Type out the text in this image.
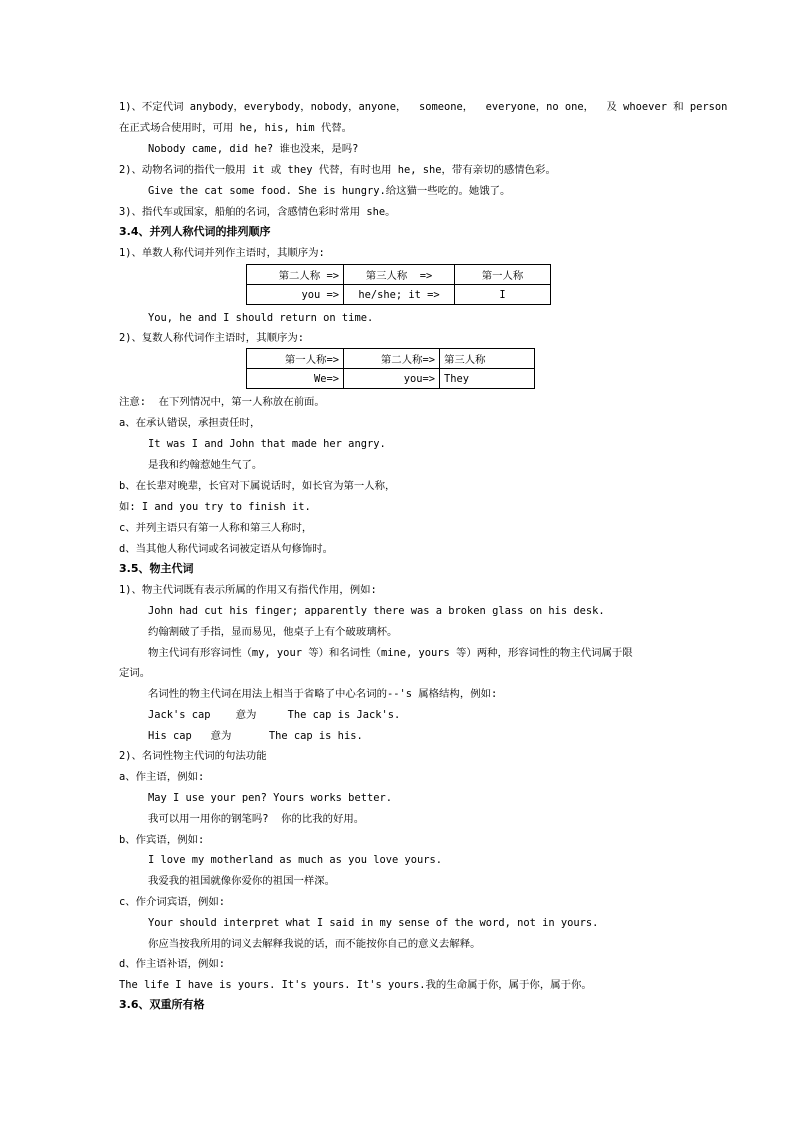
1)、不定代词 anybody，everybody，nobody，anyone，  someone，  everyone，no one，  及 whoever 和 person

在正式场合使用时，可用 he, his, him 代替。

Nobody came, did he? 谁也没来，是吗?

2)、动物名词的指代一般用 it 或 they 代替，有时也用 he, she，带有亲切的感情色彩。

Give the cat some food. She is hungry.给这猫一些吃的。她饿了。

3)、指代车或国家，船舶的名词，含感情色彩时常用 she。

3.4、并列人称代词的排列顺序

1)、单数人称代词并列作主语时，其顺序为:

第二人称 =>	第三人称  =>	第一人称
you =>	he/she; it =>	I

You, he and I should return on time.

2)、复数人称代词作主语时，其顺序为:

第一人称=>	第二人称=>	第三人称
We=>	you=>	They

注意:  在下列情况中，第一人称放在前面。

a、在承认错误，承担责任时，

It was I and John that made her angry.

是我和约翰惹她生气了。

b、在长辈对晚辈，长官对下属说话时，如长官为第一人称，

如: I and you try to finish it.

c、并列主语只有第一人称和第三人称时，

d、当其他人称代词或名词被定语从句修饰时。

3.5、物主代词

1)、物主代词既有表示所属的作用又有指代作用，例如:

John had cut his finger; apparently there was a broken glass on his desk.

约翰割破了手指，显而易见，他桌子上有个破玻璃杯。

物主代词有形容词性（my, your 等）和名词性（mine, yours 等）两种，形容词性的物主代词属于限

定词。

名词性的物主代词在用法上相当于省略了中心名词的--'s 属格结构，例如:

Jack's cap    意为     The cap is Jack's.

His cap   意为      The cap is his.

2)、名词性物主代词的句法功能

a、作主语，例如:

May I use your pen? Yours works better.

我可以用一用你的钢笔吗?  你的比我的好用。

b、作宾语，例如:

I love my motherland as much as you love yours.

我爱我的祖国就像你爱你的祖国一样深。

c、作介词宾语，例如:

Your should interpret what I said in my sense of the word, not in yours.

你应当按我所用的词义去解释我说的话，而不能按你自己的意义去解释。

d、作主语补语，例如:

The life I have is yours. It's yours. It's yours.我的生命属于你，属于你，属于你。

3.6、双重所有格
